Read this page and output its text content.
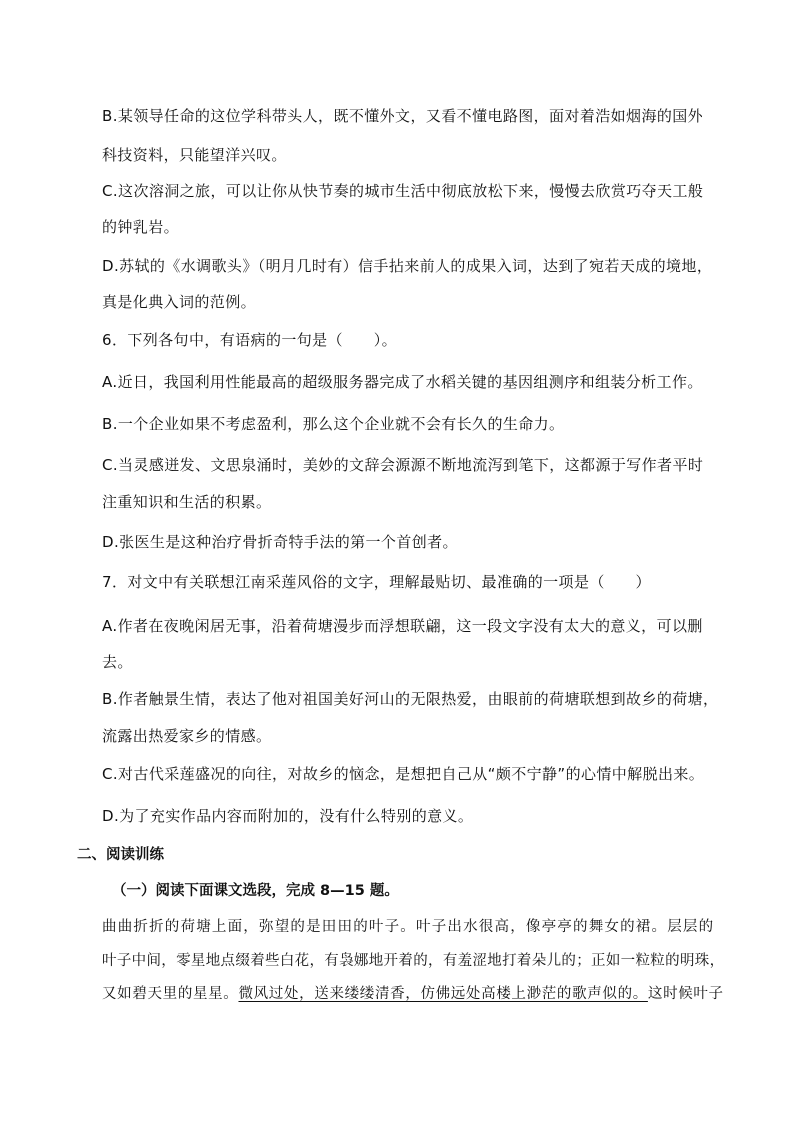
B.某领导任命的这位学科带头人，既不懂外文，又看不懂电路图，面对着浩如烟海的国外
科技资料，只能望洋兴叹。
C.这次溶洞之旅，可以让你从快节奏的城市生活中彻底放松下来，慢慢去欣赏巧夺天工般
的钟乳岩。
D.苏轼的《水调歌头》（明月几时有）信手拈来前人的成果入词，达到了宛若天成的境地，
真是化典入词的范例。
6．下列各句中，有语病的一句是（　　）。
A.近日，我国利用性能最高的超级服务器完成了水稻关键的基因组测序和组装分析工作。
B.一个企业如果不考虑盈利，那么这个企业就不会有长久的生命力。
C.当灵感迸发、文思泉涌时，美妙的文辞会源源不断地流泻到笔下，这都源于写作者平时
注重知识和生活的积累。
D.张医生是这种治疗骨折奇特手法的第一个首创者。
7．对文中有关联想江南采莲风俗的文字，理解最贴切、最准确的一项是（　　）
A.作者在夜晚闲居无事，沿着荷塘漫步而浮想联翩，这一段文字没有太大的意义，可以删
去。
B.作者触景生情，表达了他对祖国美好河山的无限热爱，由眼前的荷塘联想到故乡的荷塘，
流露出热爱家乡的情感。
C.对古代采莲盛况的向往，对故乡的恼念，是想把自己从“颇不宁静”的心情中解脱出来。
D.为了充实作品内容而附加的，没有什么特别的意义。
二、阅读训练
（一）阅读下面课文选段，完成 8—15 题。
曲曲折折的荷塘上面，弥望的是田田的叶子。叶子出水很高，像亭亭的舞女的裙。层层的
叶子中间，零星地点缀着些白花，有袅娜地开着的，有羞涩地打着朵儿的；正如一粒粒的明珠，
又如碧天里的星星。微风过处，送来缕缕清香，仿佛远处高楼上渺茫的歌声似的。这时候叶子
